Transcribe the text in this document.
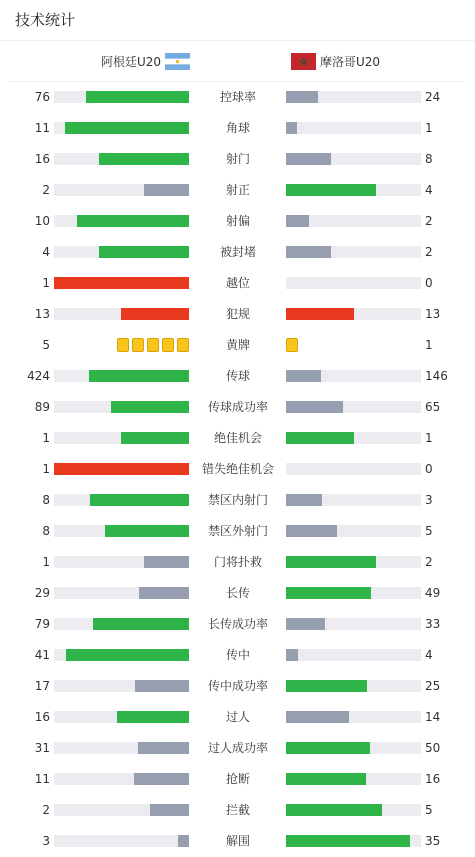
技术统计
阿根廷U20	摩洛哥U20
76	控球率	24
11	角球	1
16	射门	8
2	射正	4
10	射偏	2
4	被封堵	2
1	越位	0
13	犯规	13
5	黄牌	1
424	传球	146
89	传球成功率	65
1	绝佳机会	1
1	错失绝佳机会	0
8	禁区内射门	3
8	禁区外射门	5
1	门将扑救	2
29	长传	49
79	长传成功率	33
41	传中	4
17	传中成功率	25
16	过人	14
31	过人成功率	50
11	抢断	16
2	拦截	5
3	解围	35
